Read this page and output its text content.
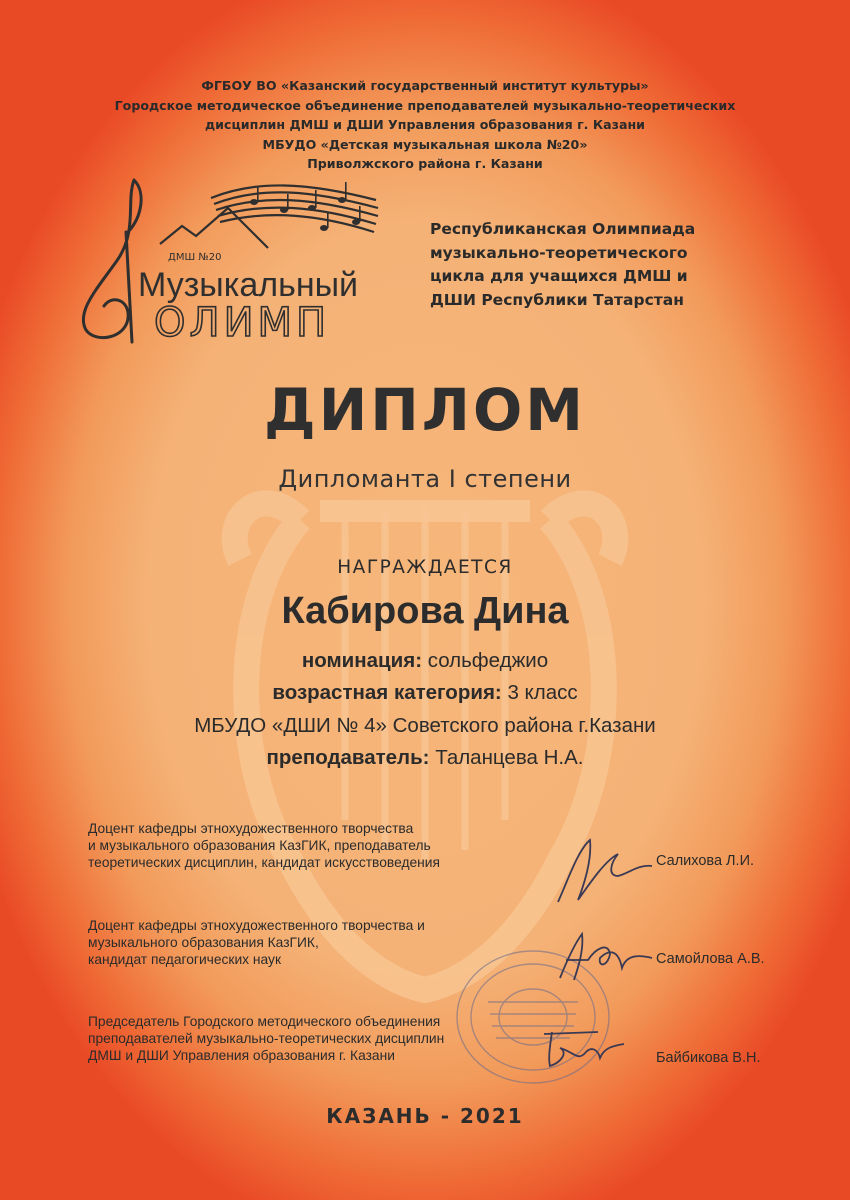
ФГБОУ ВО «Казанский государственный институт культуры»
Городское методическое объединение преподавателей музыкально-теоретических
дисциплин ДМШ и ДШИ Управления образования г. Казани
МБУДО «Детская музыкальная школа №20»
Приволжского района г. Казани
ДМШ №20
Музыкальный
ОЛИМП
Республиканская Олимпиада
музыкально-теоретического
цикла для учащихся ДМШ и
ДШИ Республики Татарстан
ДИПЛОМ
Дипломанта I степени
НАГРАЖДАЕТСЯ
Кабирова Дина
номинация: сольфеджио
возрастная категория: 3 класс
МБУДО «ДШИ № 4» Советского района г.Казани
преподаватель: Таланцева Н.А.
Доцент кафедры этнохудожественного творчества
и музыкального образования КазГИК, преподаватель
теоретических дисциплин, кандидат искусствоведения	Салихова Л.И.
Доцент кафедры этнохудожественного творчества и
музыкального образования КазГИК,
кандидат педагогических наук	Самойлова А.В.
Председатель Городского методического объединения
преподавателей музыкально-теоретических дисциплин
ДМШ и ДШИ Управления образования г. Казани	Байбикова В.Н.
КАЗАНЬ - 2021
